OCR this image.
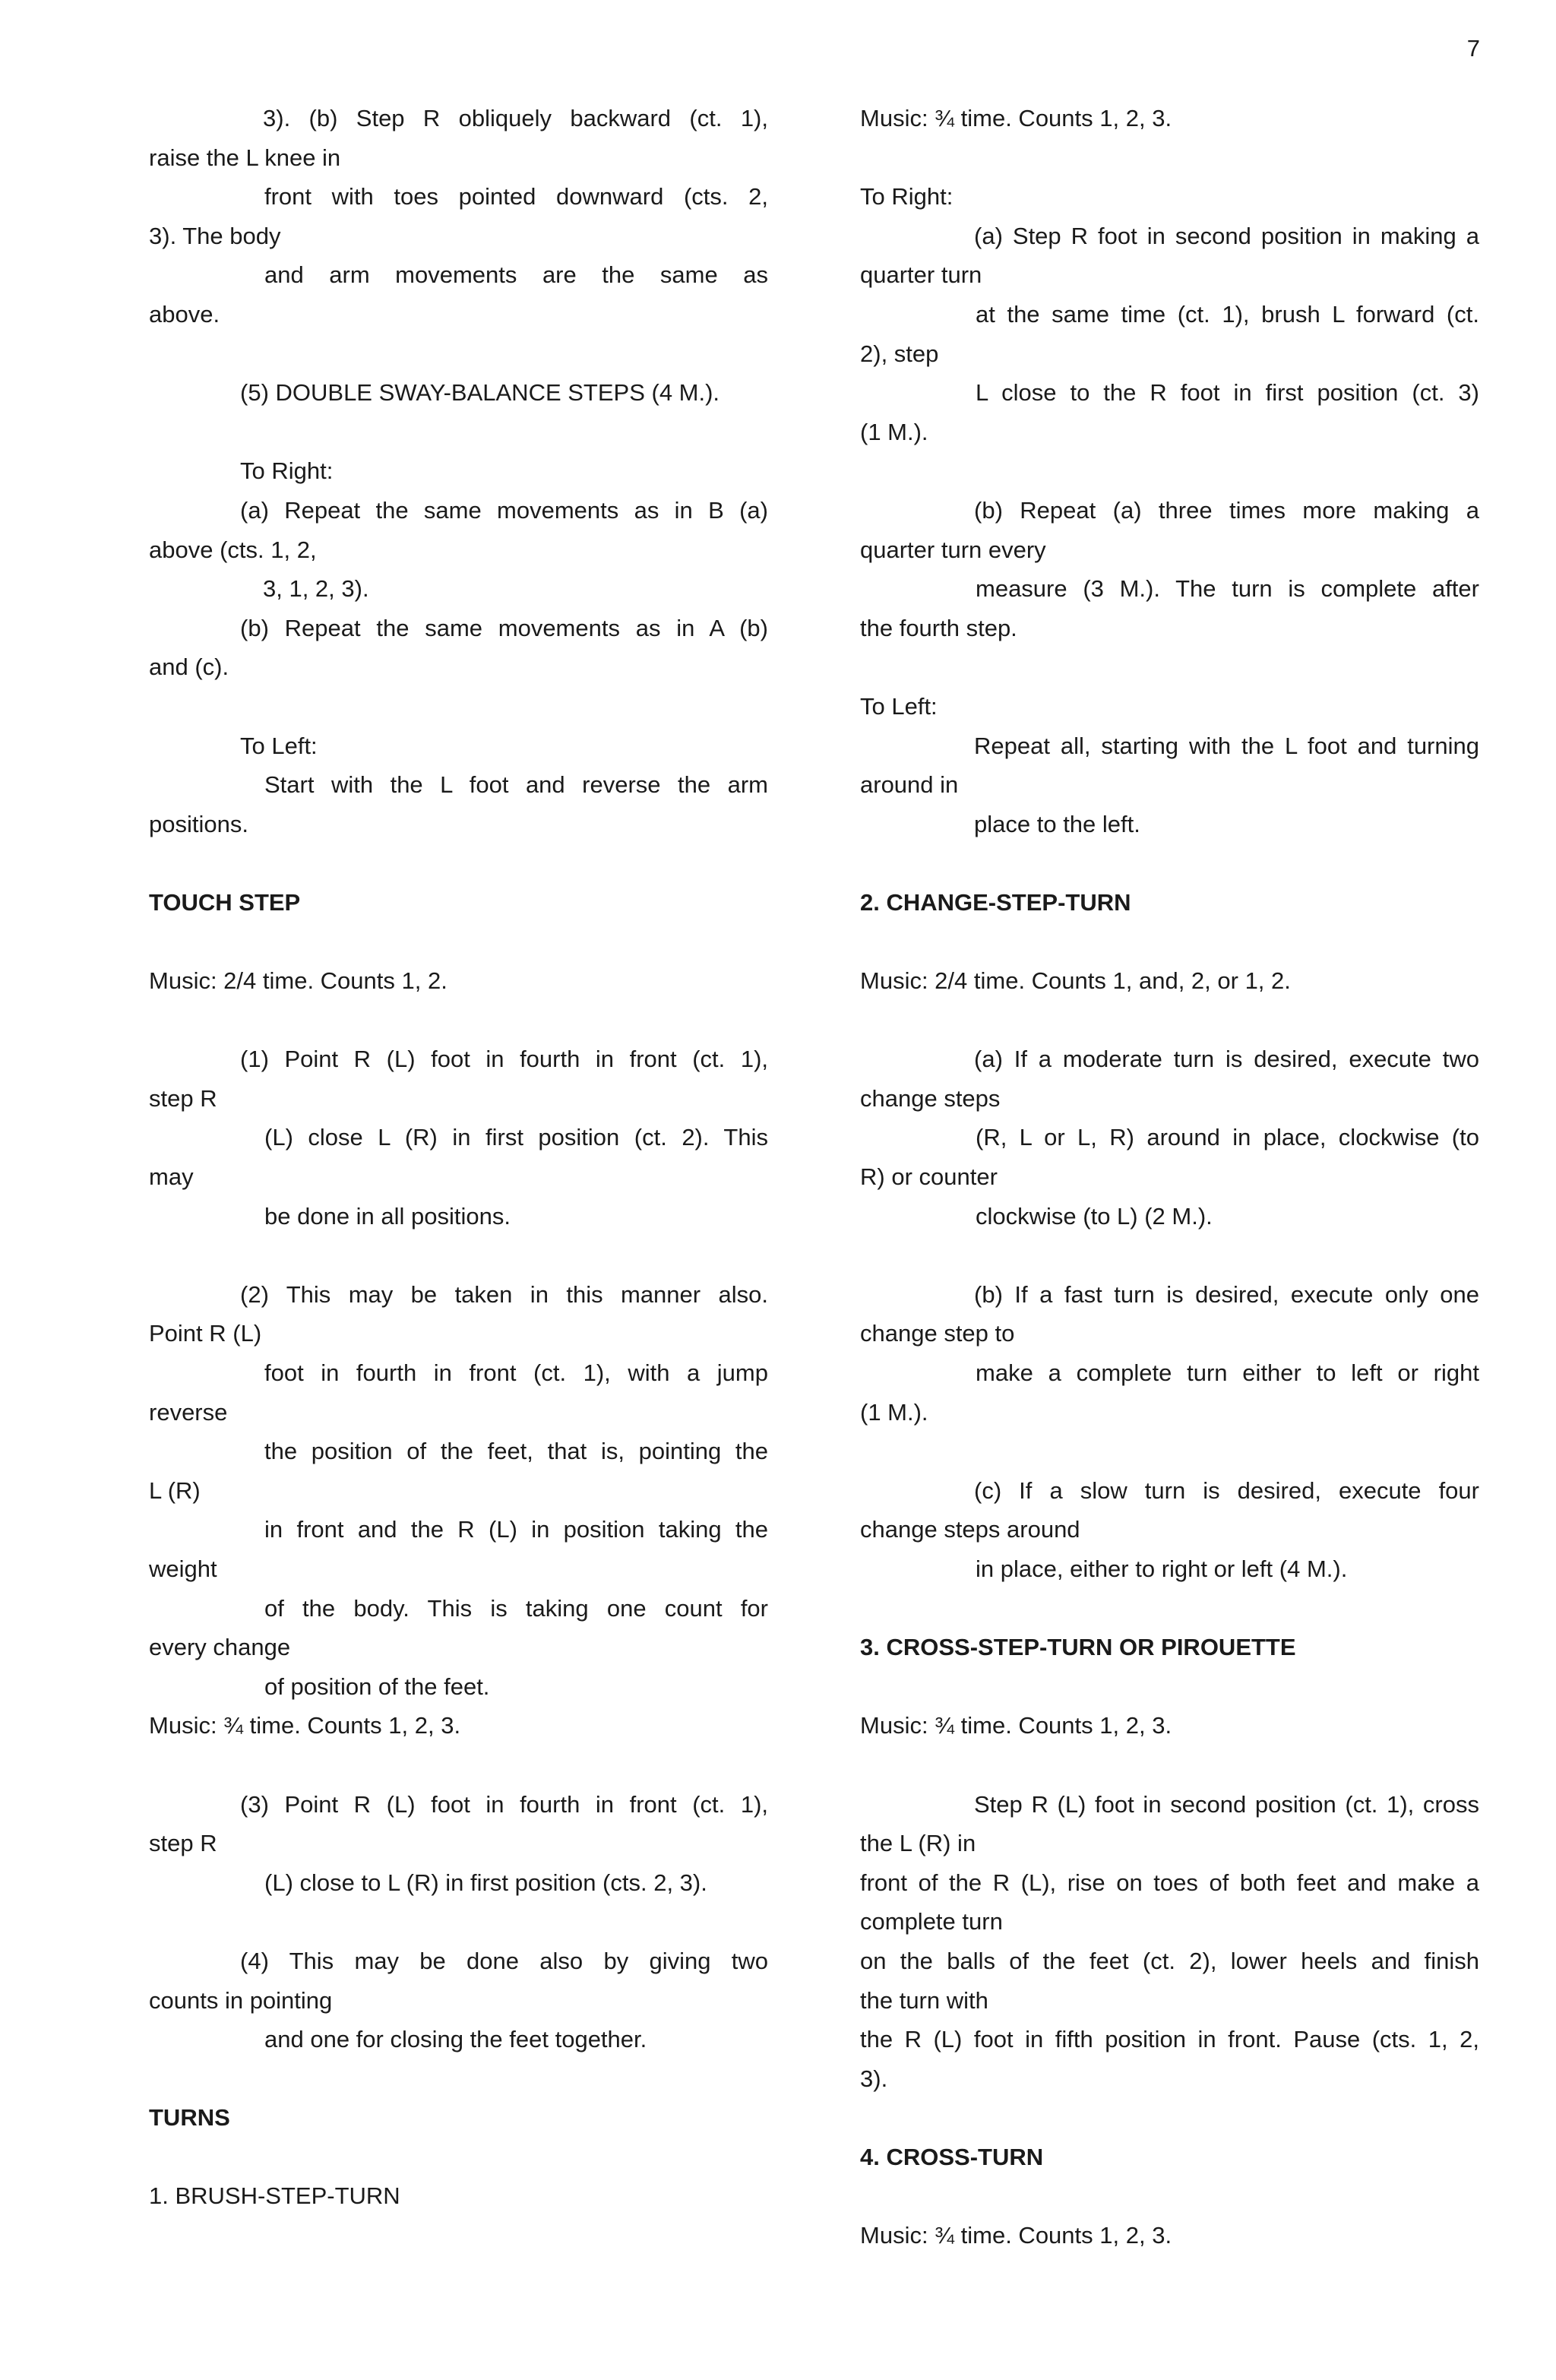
7
3). (b) Step R obliquely backward (ct. 1),
raise the L knee in
front with toes pointed downward (cts. 2,
3). The body
and arm movements are the same as
above.
(5) DOUBLE SWAY-BALANCE STEPS (4 M.).
To Right:
(a) Repeat the same movements as in B (a)
above (cts. 1, 2,
3, 1, 2, 3).
(b) Repeat the same movements as in A (b)
and (c).
To Left:
Start with the L foot and reverse the arm
positions.
TOUCH STEP
Music: 2/4 time. Counts 1, 2.
(1) Point R (L) foot in fourth in front (ct. 1),
step R
(L) close L (R) in first position (ct. 2). This
may
be done in all positions.
(2) This may be taken in this manner also.
Point R (L)
foot in fourth in front (ct. 1), with a jump
reverse
the position of the feet, that is, pointing the
L (R)
in front and the R (L) in position taking the
weight
of the body. This is taking one count for
every change
of position of the feet.
Music: ¾ time. Counts 1, 2, 3.
(3) Point R (L) foot in fourth in front (ct. 1),
step R
(L) close to L (R) in first position (cts. 2, 3).
(4) This may be done also by giving two
counts in pointing
and one for closing the feet together.
TURNS
1. BRUSH-STEP-TURN
Music: ¾ time. Counts 1, 2, 3.
To Right:
(a) Step R foot in second position in making a
quarter turn
at the same time (ct. 1), brush L forward (ct.
2), step
L close to the R foot in first position (ct. 3)
(1 M.).
(b) Repeat (a) three times more making a
quarter turn every
measure (3 M.). The turn is complete after
the fourth step.
To Left:
Repeat all, starting with the L foot and turning
around in
place to the left.
2. CHANGE-STEP-TURN
Music: 2/4 time. Counts 1, and, 2, or 1, 2.
(a) If a moderate turn is desired, execute two
change steps
(R, L or L, R) around in place, clockwise (to
R) or counter
clockwise (to L) (2 M.).
(b) If a fast turn is desired, execute only one
change step to
make a complete turn either to left or right
(1 M.).
(c) If a slow turn is desired, execute four
change steps around
in place, either to right or left (4 M.).
3. CROSS-STEP-TURN OR PIROUETTE
Music: ¾ time. Counts 1, 2, 3.
Step R (L) foot in second position (ct. 1), cross
the L (R) in
front of the R (L), rise on toes of both feet and make a
complete turn
on the balls of the feet (ct. 2), lower heels and finish
the turn with
the R (L) foot in fifth position in front. Pause (cts. 1, 2,
3).
4. CROSS-TURN
Music: ¾ time. Counts 1, 2, 3.
